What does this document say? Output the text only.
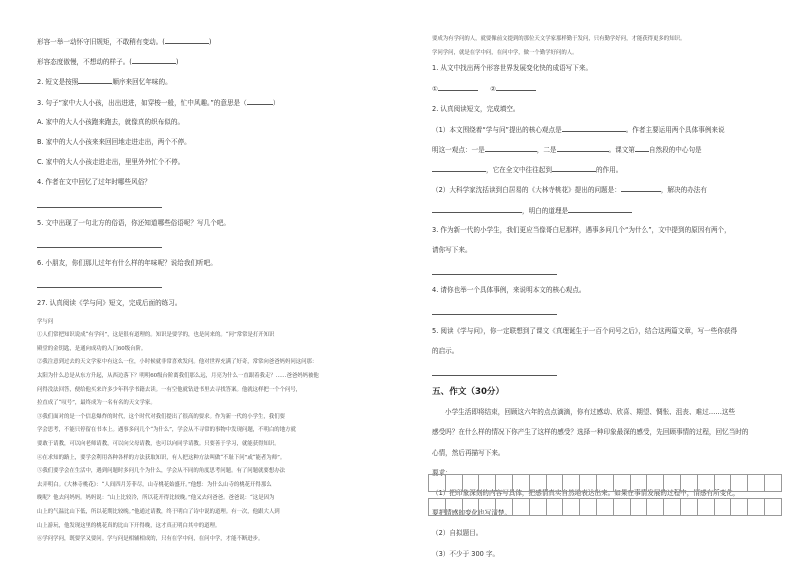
形容一举一动怀守旧规矩，不敢稍有变动。(	)
形容态度傲慢，不想动的样子。(	)
2. 短文是按照	顺序来回忆年味的。
3. 句子“家中大人小孩，出出进进，如穿梭一般，忙中风趣。”的意思是（	）
A. 家中的大人小孩跑来跑去，就像真的织布似的。
B. 家中的大人小孩来来回回地走进走出，两个不停。
C. 家中的大人小孩走进走出，里里外外忙个不停。
4. 作者在文中回忆了过年时哪些风俗？
5. 文中出现了一句北方的俗语，你还知道哪些俗语呢？写几个吧。
6. 小朋友，你们那儿过年有什么样的年味呢？说给我们听吧。
27. 认真阅读《学与问》短文，完成后面的练习。
学与问
①人们常把知识说成“有学问”，这是很有道理的。知识是要学的，也是问来的。“问”常常是打开知识
殿堂的金钥匙，是通向成功的入门60级台阶。
②我注意到过去的天文学家中有这么一位，小时候就非常喜欢发问。他对世界充满了好奇，常常向爸爸妈妈问这问那：
太阳为什么总是从东方升起，从西边落下？明明60级台阶离我们那么远，月亮为什么一直跟着我走？……爸爸妈妈被他
问得没法回答，便给他买来许多少年科学书籍去读。一有空他就钻进书里去寻找答案。他就这样把一个个问号，
拉直成了“叹号”，最终成为一名有名的天文学家。
③我们面对的是一个信息爆炸的时代，这个时代对我们提出了很高的要求。作为新一代的小学生，我们要
学会思考，不能只停留在书本上。遇事多问几个“为什么”，学会从不寻常的事物中发现问题，不明白的地方就
要敢于请教，可以向老师请教，可以向父母请教，也可以向同学请教。只要善于学习，就能获得知识。
④在求知的路上，要学会利用各种各样的方法获取知识，有人把这种方法叫做“不耻下问”或“能者为师”。
⑤我们要学会在生活中，遇到问题时多问几个为什么，学会从不同的角度思考问题。有了问题就要想办法
去弄明白。《大林寺桃花》：“人间四月芳菲尽，山寺桃花始盛开。”他想：为什么山寺的桃花开得那么
晚呢？他去问妈妈。妈妈说：“山上比较冷，所以花开得比较晚。”他又去问爸爸。爸爸说：“这是因为
山上的气温比山下低，所以花期比较晚。”他通过请教，终于明白了诗中说的道理。有一次，他跟大人到
山上游玩，他发现这里的桃花真的比山下开得晚，这才真正明白其中的道理。
⑥学问学问，既要学又要问。学与问是相辅相成的，只有在学中问，在问中学，才能不断进步。
要成为有学问的人，就要像前文提到的那位天文学家那样勤于发问，只有勤学好问，才能获得更多的知识。
学问学问，就是在学中问，在问中学，做一个勤学好问的人。
1. 从文中找出两个形容世界发展变化快的成语写下来。
①	②
2. 认真阅读短文，完成填空。
（1）本文围绕着“学与问”提出的核心观点是	。作者主要运用两个具体事例来说
明这一观点：一是	，二是	。课文第 自然段的中心句是
，它在全文中往往起到	的作用。
（2）大科学家沈括读到白居易的《大林寺桃花》提出的问题是：	，解决的办法有
，明白的道理是
3. 作为新一代的小学生，我们更应当像哥白尼那样，遇事多问几个“为什么”，文中提到的原因有两个，
请你写下来。
4. 请你也举一个具体事例，来说明本文的核心观点。
5. 阅读《学与问》，你一定联想到了课文《真理诞生于一百个问号之后》，结合这两篇文章，写一些你获得
的启示。
五、作文（30分）
小学生活即将结束，回顾这六年的点点滴滴，你有过感动、欣喜、期望、惆怅、沮丧、难过……这些
感受吗？在什么样的情况下你产生了这样的感受？选择一种印象最深的感受，先回顾事情的过程，回忆当时的
心情，然后再描写下来。
要求：
（1）把印象深刻的内容写具体，把感情真实自然地表达出来。如果在事情发展的过程中，情感有所变化，
要把情感的变化也写清楚。
（2）自拟题目。
（3）不少于 300 字。
